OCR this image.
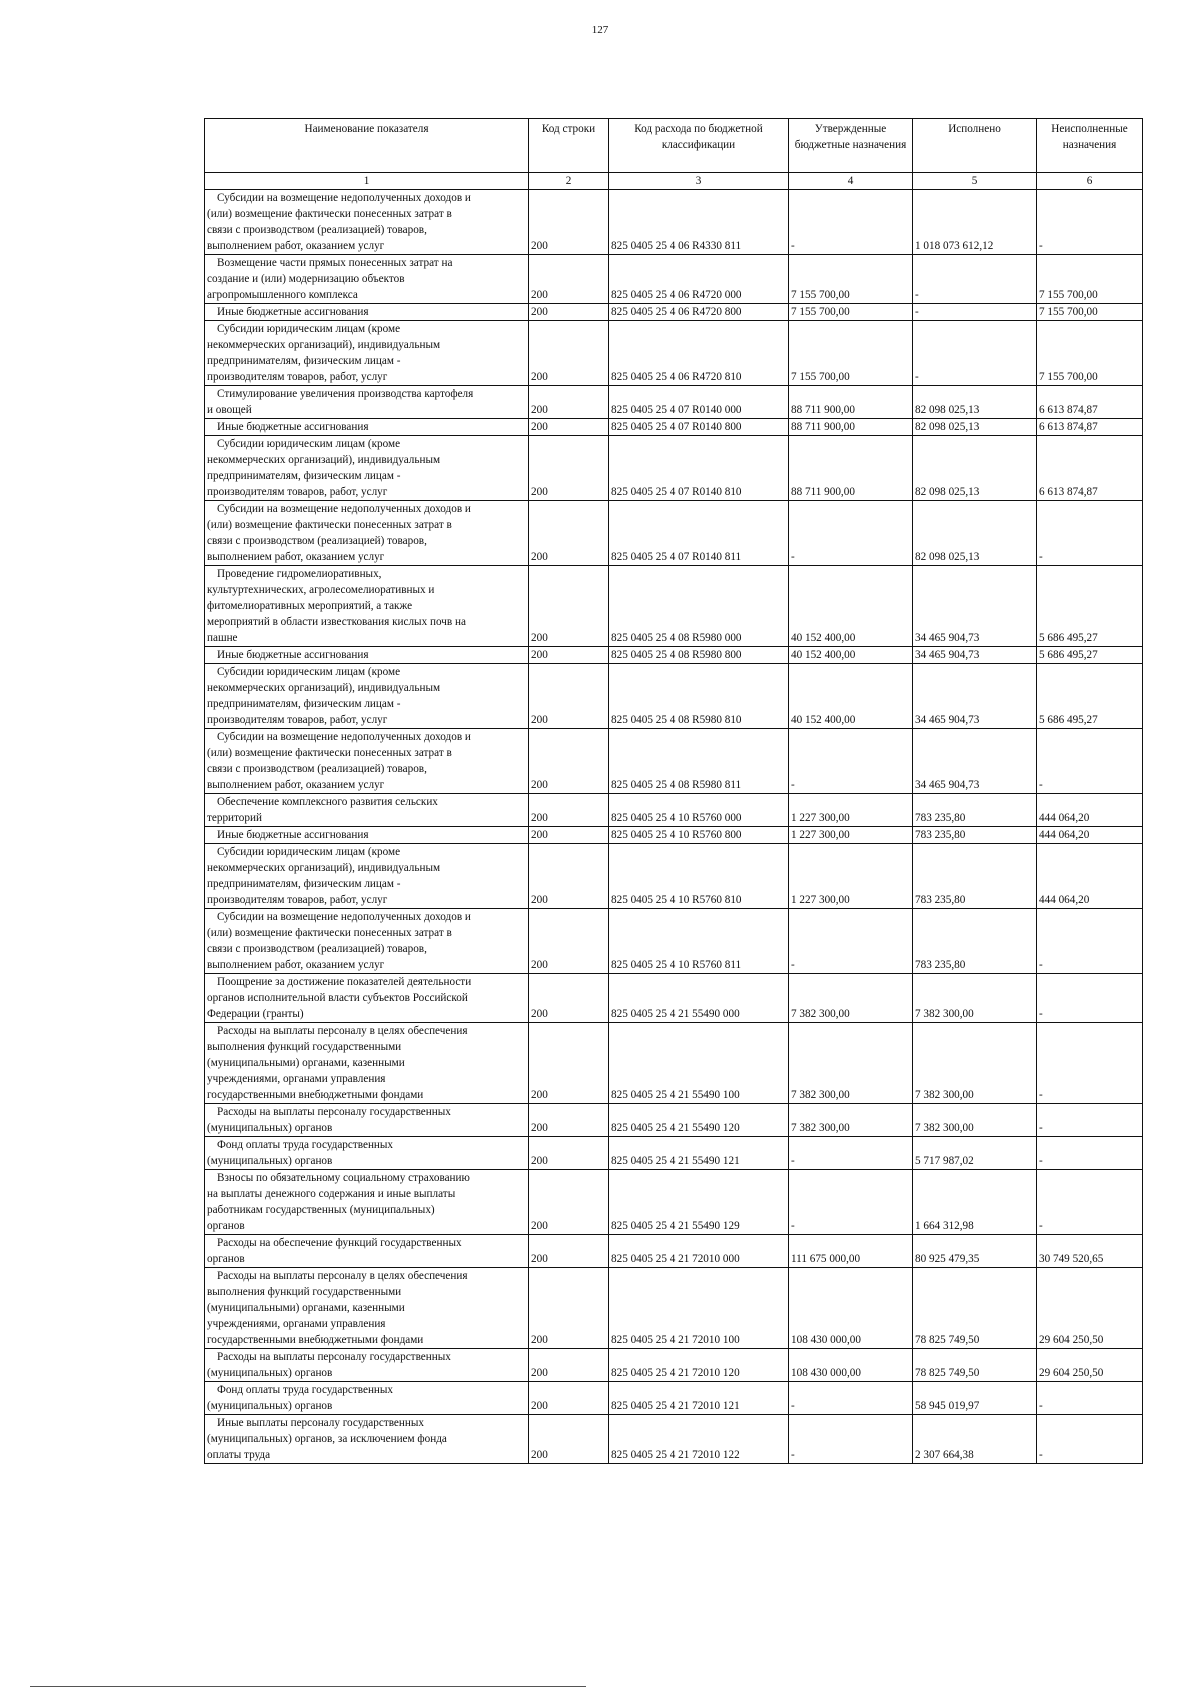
127
Наименование показателя	Код строки	Код расхода по бюджетной классификации	Утвержденные бюджетные назначения	Исполнено	Неисполненные назначения
1	2	3	4	5	6

Субсидии на возмещение недополученных доходов и
(или) возмещение фактически понесенных затрат в
связи с производством (реализацией) товаров,
выполнением работ, оказанием услуг	200	825 0405 25 4 06 R4330 811	-	1 018 073 612,12	-

Возмещение части прямых понесенных затрат на
создание и (или) модернизацию объектов
агропромышленного комплекса	200	825 0405 25 4 06 R4720 000	7 155 700,00	-	7 155 700,00

Иные бюджетные ассигнования	200	825 0405 25 4 06 R4720 800	7 155 700,00	-	7 155 700,00

Субсидии юридическим лицам (кроме
некоммерческих организаций), индивидуальным
предпринимателям, физическим лицам -
производителям товаров, работ, услуг	200	825 0405 25 4 06 R4720 810	7 155 700,00	-	7 155 700,00

Стимулирование увеличения производства картофеля
и овощей	200	825 0405 25 4 07 R0140 000	88 711 900,00	82 098 025,13	6 613 874,87

Иные бюджетные ассигнования	200	825 0405 25 4 07 R0140 800	88 711 900,00	82 098 025,13	6 613 874,87

Субсидии юридическим лицам (кроме
некоммерческих организаций), индивидуальным
предпринимателям, физическим лицам -
производителям товаров, работ, услуг	200	825 0405 25 4 07 R0140 810	88 711 900,00	82 098 025,13	6 613 874,87

Субсидии на возмещение недополученных доходов и
(или) возмещение фактически понесенных затрат в
связи с производством (реализацией) товаров,
выполнением работ, оказанием услуг	200	825 0405 25 4 07 R0140 811	-	82 098 025,13	-

Проведение гидромелиоративных,
культуртехнических, агролесомелиоративных и
фитомелиоративных мероприятий, а также
мероприятий в области известкования кислых почв на
пашне	200	825 0405 25 4 08 R5980 000	40 152 400,00	34 465 904,73	5 686 495,27

Иные бюджетные ассигнования	200	825 0405 25 4 08 R5980 800	40 152 400,00	34 465 904,73	5 686 495,27

Субсидии юридическим лицам (кроме
некоммерческих организаций), индивидуальным
предпринимателям, физическим лицам -
производителям товаров, работ, услуг	200	825 0405 25 4 08 R5980 810	40 152 400,00	34 465 904,73	5 686 495,27

Субсидии на возмещение недополученных доходов и
(или) возмещение фактически понесенных затрат в
связи с производством (реализацией) товаров,
выполнением работ, оказанием услуг	200	825 0405 25 4 08 R5980 811	-	34 465 904,73	-

Обеспечение комплексного развития сельских
территорий	200	825 0405 25 4 10 R5760 000	1 227 300,00	783 235,80	444 064,20

Иные бюджетные ассигнования	200	825 0405 25 4 10 R5760 800	1 227 300,00	783 235,80	444 064,20

Субсидии юридическим лицам (кроме
некоммерческих организаций), индивидуальным
предпринимателям, физическим лицам -
производителям товаров, работ, услуг	200	825 0405 25 4 10 R5760 810	1 227 300,00	783 235,80	444 064,20

Субсидии на возмещение недополученных доходов и
(или) возмещение фактически понесенных затрат в
связи с производством (реализацией) товаров,
выполнением работ, оказанием услуг	200	825 0405 25 4 10 R5760 811	-	783 235,80	-

Поощрение за достижение показателей деятельности
органов исполнительной власти субъектов Российской
Федерации (гранты)	200	825 0405 25 4 21 55490 000	7 382 300,00	7 382 300,00	-

Расходы на выплаты персоналу в целях обеспечения
выполнения функций государственными
(муниципальными) органами, казенными
учреждениями, органами управления
государственными внебюджетными фондами	200	825 0405 25 4 21 55490 100	7 382 300,00	7 382 300,00	-

Расходы на выплаты персоналу государственных
(муниципальных) органов	200	825 0405 25 4 21 55490 120	7 382 300,00	7 382 300,00	-

Фонд оплаты труда государственных
(муниципальных) органов	200	825 0405 25 4 21 55490 121	-	5 717 987,02	-

Взносы по обязательному социальному страхованию
на выплаты денежного содержания и иные выплаты
работникам государственных (муниципальных)
органов	200	825 0405 25 4 21 55490 129	-	1 664 312,98	-

Расходы на обеспечение функций государственных
органов	200	825 0405 25 4 21 72010 000	111 675 000,00	80 925 479,35	30 749 520,65

Расходы на выплаты персоналу в целях обеспечения
выполнения функций государственными
(муниципальными) органами, казенными
учреждениями, органами управления
государственными внебюджетными фондами	200	825 0405 25 4 21 72010 100	108 430 000,00	78 825 749,50	29 604 250,50

Расходы на выплаты персоналу государственных
(муниципальных) органов	200	825 0405 25 4 21 72010 120	108 430 000,00	78 825 749,50	29 604 250,50

Фонд оплаты труда государственных
(муниципальных) органов	200	825 0405 25 4 21 72010 121	-	58 945 019,97	-

Иные выплаты персоналу государственных
(муниципальных) органов, за исключением фонда
оплаты труда	200	825 0405 25 4 21 72010 122	-	2 307 664,38	-
